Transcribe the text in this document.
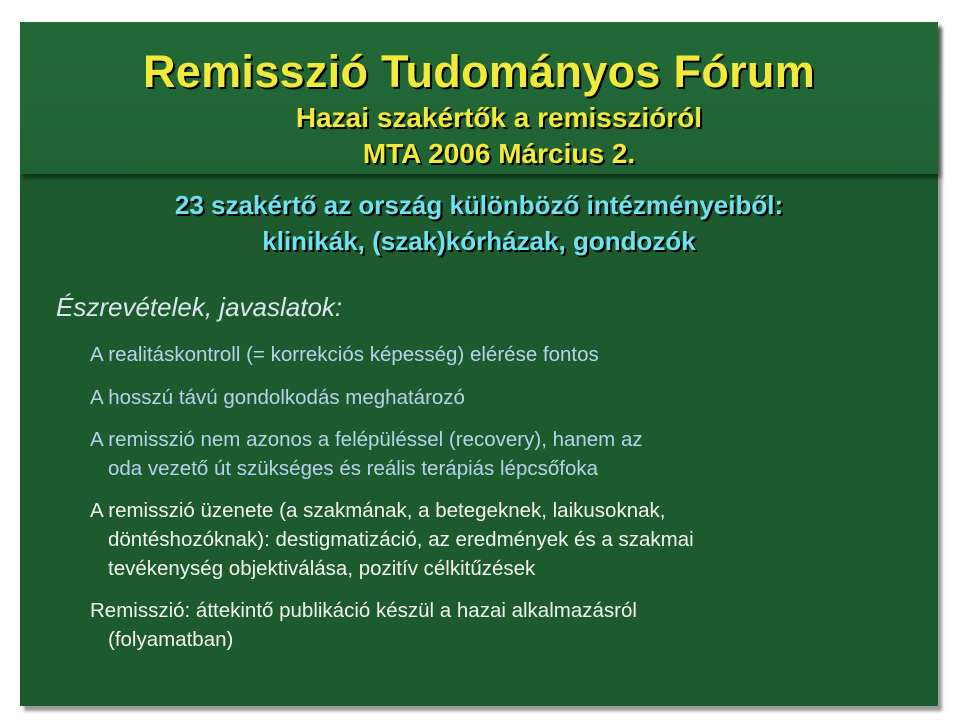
Remisszió Tudományos Fórum
Hazai szakértők a remisszióról
MTA 2006 Március 2.
23 szakértő az ország különböző intézményeiből:
klinikák, (szak)kórházak, gondozók
Észrevételek, javaslatok:
A realitáskontroll (= korrekciós képesség) elérése fontos
A hosszú távú gondolkodás meghatározó
A remisszió nem azonos a felépüléssel (recovery), hanem az
oda vezető út szükséges és reális terápiás lépcsőfoka
A remisszió üzenete (a szakmának, a betegeknek, laikusoknak,
döntéshozóknak): destigmatizáció, az eredmények és a szakmai
tevékenység objektiválása, pozitív célkitűzések
Remisszió: áttekintő publikáció készül a hazai alkalmazásról
(folyamatban)
